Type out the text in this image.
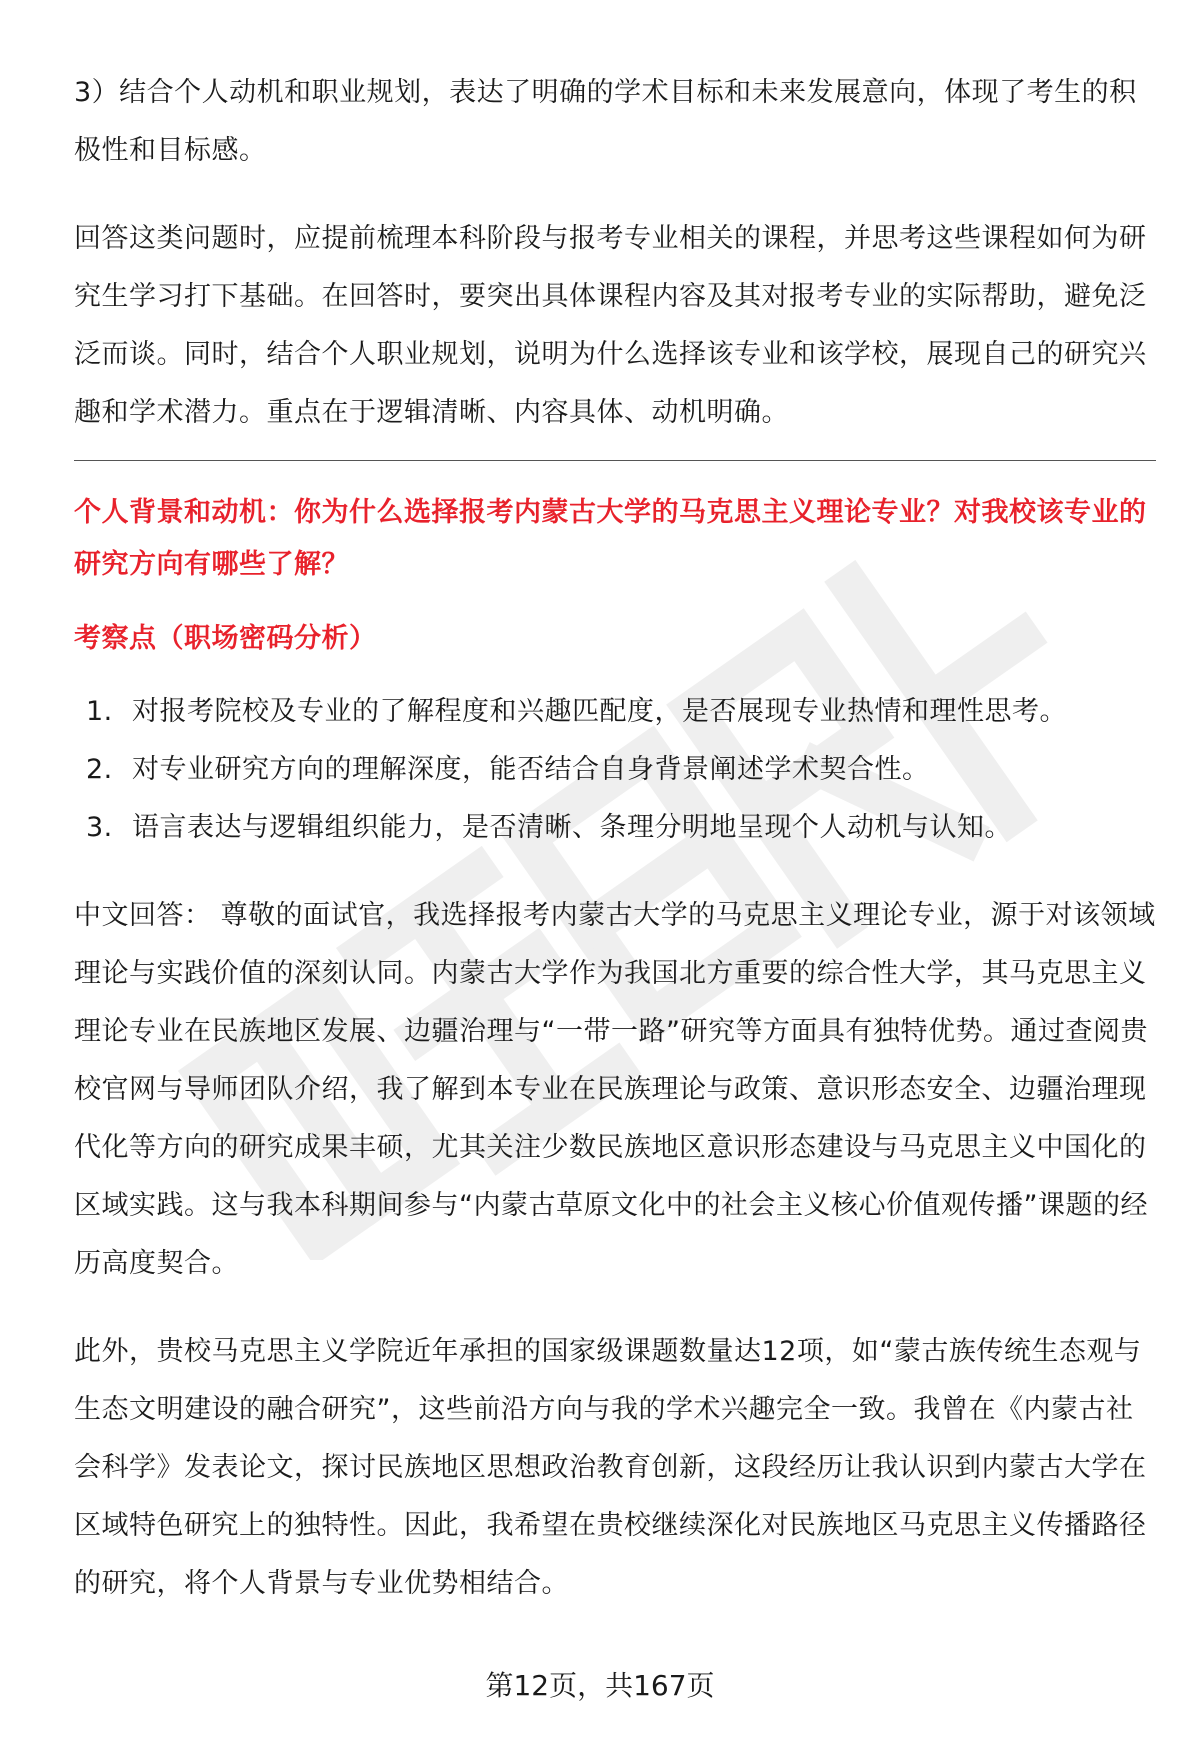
3）结合个人动机和职业规划，表达了明确的学术目标和未来发展意向，体现了考生的积极性和目标感。

回答这类问题时，应提前梳理本科阶段与报考专业相关的课程，并思考这些课程如何为研究生学习打下基础。在回答时，要突出具体课程内容及其对报考专业的实际帮助，避免泛泛而谈。同时，结合个人职业规划，说明为什么选择该专业和该学校，展现自己的研究兴趣和学术潜力。重点在于逻辑清晰、内容具体、动机明确。

个人背景和动机：你为什么选择报考内蒙古大学的马克思主义理论专业？对我校该专业的研究方向有哪些了解？

考察点（职场密码分析）

1. 对报考院校及专业的了解程度和兴趣匹配度，是否展现专业热情和理性思考。
2. 对专业研究方向的理解深度，能否结合自身背景阐述学术契合性。
3. 语言表达与逻辑组织能力，是否清晰、条理分明地呈现个人动机与认知。

中文回答： 尊敬的面试官，我选择报考内蒙古大学的马克思主义理论专业，源于对该领域理论与实践价值的深刻认同。内蒙古大学作为我国北方重要的综合性大学，其马克思主义理论专业在民族地区发展、边疆治理与“一带一路”研究等方面具有独特优势。通过查阅贵校官网与导师团队介绍，我了解到本专业在民族理论与政策、意识形态安全、边疆治理现代化等方向的研究成果丰硕，尤其关注少数民族地区意识形态建设与马克思主义中国化的区域实践。这与我本科期间参与“内蒙古草原文化中的社会主义核心价值观传播”课题的经历高度契合。

此外，贵校马克思主义学院近年承担的国家级课题数量达12项，如“蒙古族传统生态观与生态文明建设的融合研究”，这些前沿方向与我的学术兴趣完全一致。我曾在《内蒙古社会科学》发表论文，探讨民族地区思想政治教育创新，这段经历让我认识到内蒙古大学在区域特色研究上的独特性。因此，我希望在贵校继续深化对民族地区马克思主义传播路径的研究，将个人背景与专业优势相结合。

第12页，共167页
